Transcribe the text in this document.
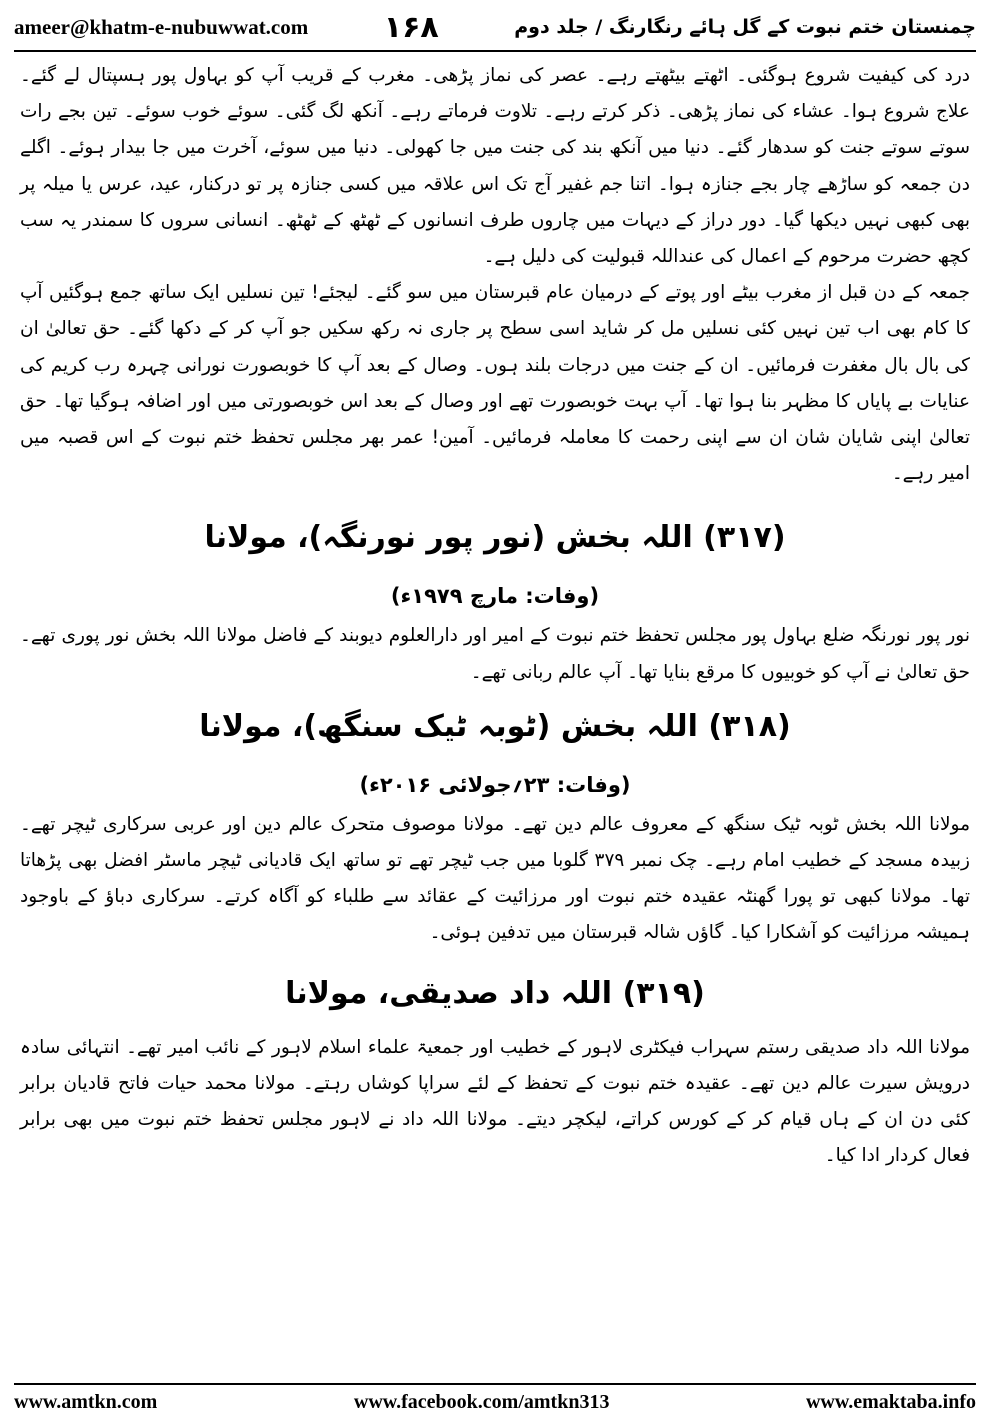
ameer@khatm-e-nubuwwat.com	۱۶۸	چمنستان ختم نبوت کے گل ہائے رنگارنگ / جلد دوم

درد کی کیفیت شروع ہوگئی۔ اٹھتے بیٹھتے رہے۔ عصر کی نماز پڑھی۔ مغرب کے قریب آپ کو بہاول پور ہسپتال لے گئے۔ علاج شروع ہوا۔ عشاء کی نماز پڑھی۔ ذکر کرتے رہے۔ تلاوت فرماتے رہے۔ آنکھ لگ گئی۔ سوئے خوب سوئے۔ تین بجے رات سوتے سوتے جنت کو سدھار گئے۔ دنیا میں آنکھ بند کی جنت میں جا کھولی۔ دنیا میں سوئے، آخرت میں جا بیدار ہوئے۔ اگلے دن جمعہ کو ساڑھے چار بجے جنازہ ہوا۔ اتنا جم غفیر آج تک اس علاقہ میں کسی جنازہ پر تو درکنار، عید، عرس یا میلہ پر بھی کبھی نہیں دیکھا گیا۔ دور دراز کے دیہات میں چاروں طرف انسانوں کے ٹھٹھ کے ٹھٹھ۔ انسانی سروں کا سمندر یہ سب کچھ حضرت مرحوم کے اعمال کی عنداللہ قبولیت کی دلیل ہے۔

جمعہ کے دن قبل از مغرب بیٹے اور پوتے کے درمیان عام قبرستان میں سو گئے۔ لیجئے! تین نسلیں ایک ساتھ جمع ہوگئیں آپ کا کام بھی اب تین نہیں کئی نسلیں مل کر شاید اسی سطح پر جاری نہ رکھ سکیں جو آپ کر کے دکھا گئے۔ حق تعالیٰ ان کی بال بال مغفرت فرمائیں۔ ان کے جنت میں درجات بلند ہوں۔ وصال کے بعد آپ کا خوبصورت نورانی چہرہ رب کریم کی عنایات بے پایاں کا مظہر بنا ہوا تھا۔ آپ بہت خوبصورت تھے اور وصال کے بعد اس خوبصورتی میں اور اضافہ ہوگیا تھا۔ حق تعالیٰ اپنی شایان شان ان سے اپنی رحمت کا معاملہ فرمائیں۔ آمین! عمر بھر مجلس تحفظ ختم نبوت کے اس قصبہ میں امیر رہے۔

(۳۱۷) اللہ بخش (نور پور نورنگہ)، مولانا

(وفات: مارچ ۱۹۷۹ء)

نور پور نورنگہ ضلع بہاول پور مجلس تحفظ ختم نبوت کے امیر اور دارالعلوم دیوبند کے فاضل مولانا اللہ بخش نور پوری تھے۔ حق تعالیٰ نے آپ کو خوبیوں کا مرقع بنایا تھا۔ آپ عالم ربانی تھے۔

(۳۱۸) اللہ بخش (ٹوبہ ٹیک سنگھ)، مولانا

(وفات: ۲۳؍جولائی ۲۰۱۶ء)

مولانا اللہ بخش ٹوبہ ٹیک سنگھ کے معروف عالم دین تھے۔ مولانا موصوف متحرک عالم دین اور عربی سرکاری ٹیچر تھے۔ زبیدہ مسجد کے خطیب امام رہے۔ چک نمبر ۳۷۹ گلوبا میں جب ٹیچر تھے تو ساتھ ایک قادیانی ٹیچر ماسٹر افضل بھی پڑھاتا تھا۔ مولانا کبھی تو پورا گھنٹہ عقیدہ ختم نبوت اور مرزائیت کے عقائد سے طلباء کو آگاہ کرتے۔ سرکاری دباؤ کے باوجود ہمیشہ مرزائیت کو آشکارا کیا۔ گاؤں شالہ قبرستان میں تدفین ہوئی۔

(۳۱۹) اللہ داد صدیقی، مولانا

مولانا اللہ داد صدیقی رستم سہراب فیکٹری لاہور کے خطیب اور جمعیۃ علماء اسلام لاہور کے نائب امیر تھے۔ انتہائی سادہ درویش سیرت عالم دین تھے۔ عقیدہ ختم نبوت کے تحفظ کے لئے سراپا کوشاں رہتے۔ مولانا محمد حیات فاتح قادیان برابر کئی دن ان کے ہاں قیام کر کے کورس کراتے، لیکچر دیتے۔ مولانا اللہ داد نے لاہور مجلس تحفظ ختم نبوت میں بھی برابر فعال کردار ادا کیا۔

www.amtkn.com	www.facebook.com/amtkn313	www.emaktaba.info
